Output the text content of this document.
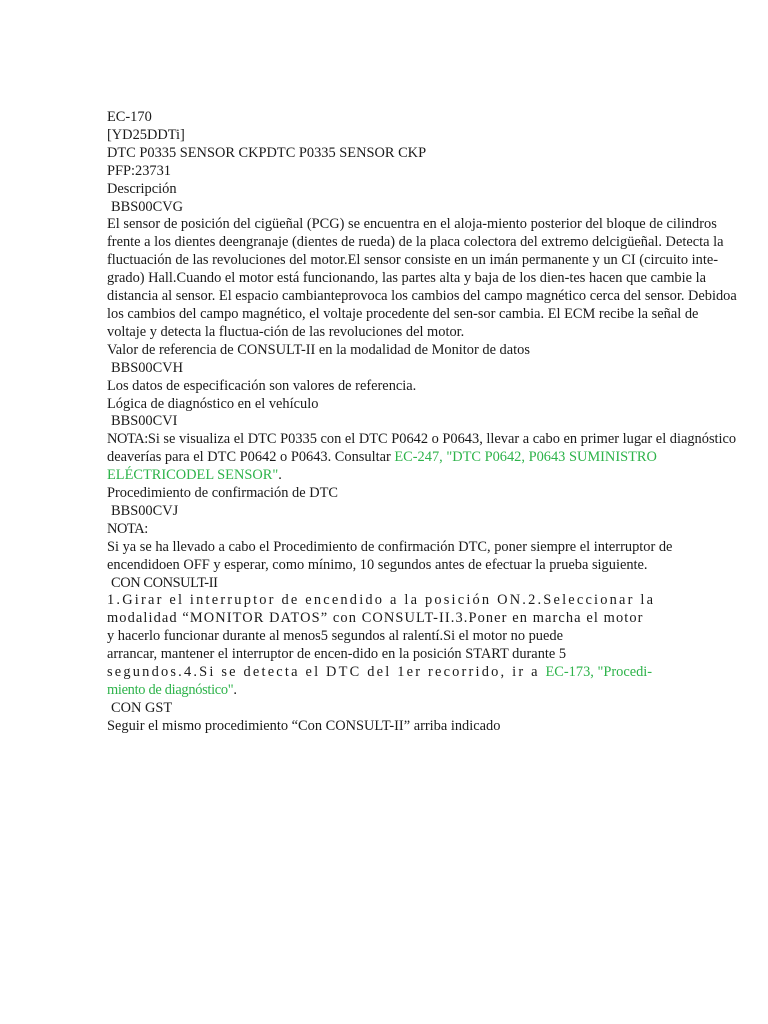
EC-170
[YD25DDTi]
DTC P0335 SENSOR CKPDTC P0335 SENSOR CKP
PFP:23731
Descripción
BBS00CVG
El sensor de posición del cigüeñal (PCG) se encuentra en el aloja-miento posterior del bloque de cilindros frente a los dientes deengranaje (dientes de rueda) de la placa colectora del extremo delcigüeñal. Detecta la fluctuación de las revoluciones del motor.El sensor consiste en un imán permanente y un CI (circuito inte-grado) Hall.Cuando el motor está funcionando, las partes alta y baja de los dien-tes hacen que cambie la distancia al sensor. El espacio cambianteprovoca los cambios del campo magnético cerca del sensor. Debidoa los cambios del campo magnético, el voltaje procedente del sen-sor cambia. El ECM recibe la señal de voltaje y detecta la fluctua-ción de las revoluciones del motor.
Valor de referencia de CONSULT-II en la modalidad de Monitor de datos
BBS00CVH
Los datos de especificación son valores de referencia.
Lógica de diagnóstico en el vehículo
BBS00CVI
NOTA:Si se visualiza el DTC P0335 con el DTC P0642 o P0643, llevar a cabo en primer lugar el diagnóstico deaverías para el DTC P0642 o P0643. Consultar EC-247, "DTC P0642, P0643 SUMINISTRO ELÉCTRICODEL SENSOR".
Procedimiento de confirmación de DTC
BBS00CVJ
NOTA:
Si ya se ha llevado a cabo el Procedimiento de confirmación DTC, poner siempre el interruptor de encendidoen OFF y esperar, como mínimo, 10 segundos antes de efectuar la prueba siguiente.
CON CONSULT-II
1.Girar el interruptor de encendido a la posición ON.2.Seleccionar la
modalidad “MONITOR DATOS” con CONSULT-II.3.Poner en marcha el motor
y hacerlo funcionar durante al menos5 segundos al ralentí.Si el motor no puede
arrancar, mantener el interruptor de encen-dido en la posición START durante 5
segundos.4.Si se detecta el DTC del 1er recorrido, ir a EC-173, "Procedi-
miento de diagnóstico".
CON GST
Seguir el mismo procedimiento “Con CONSULT-II” arriba indicado
